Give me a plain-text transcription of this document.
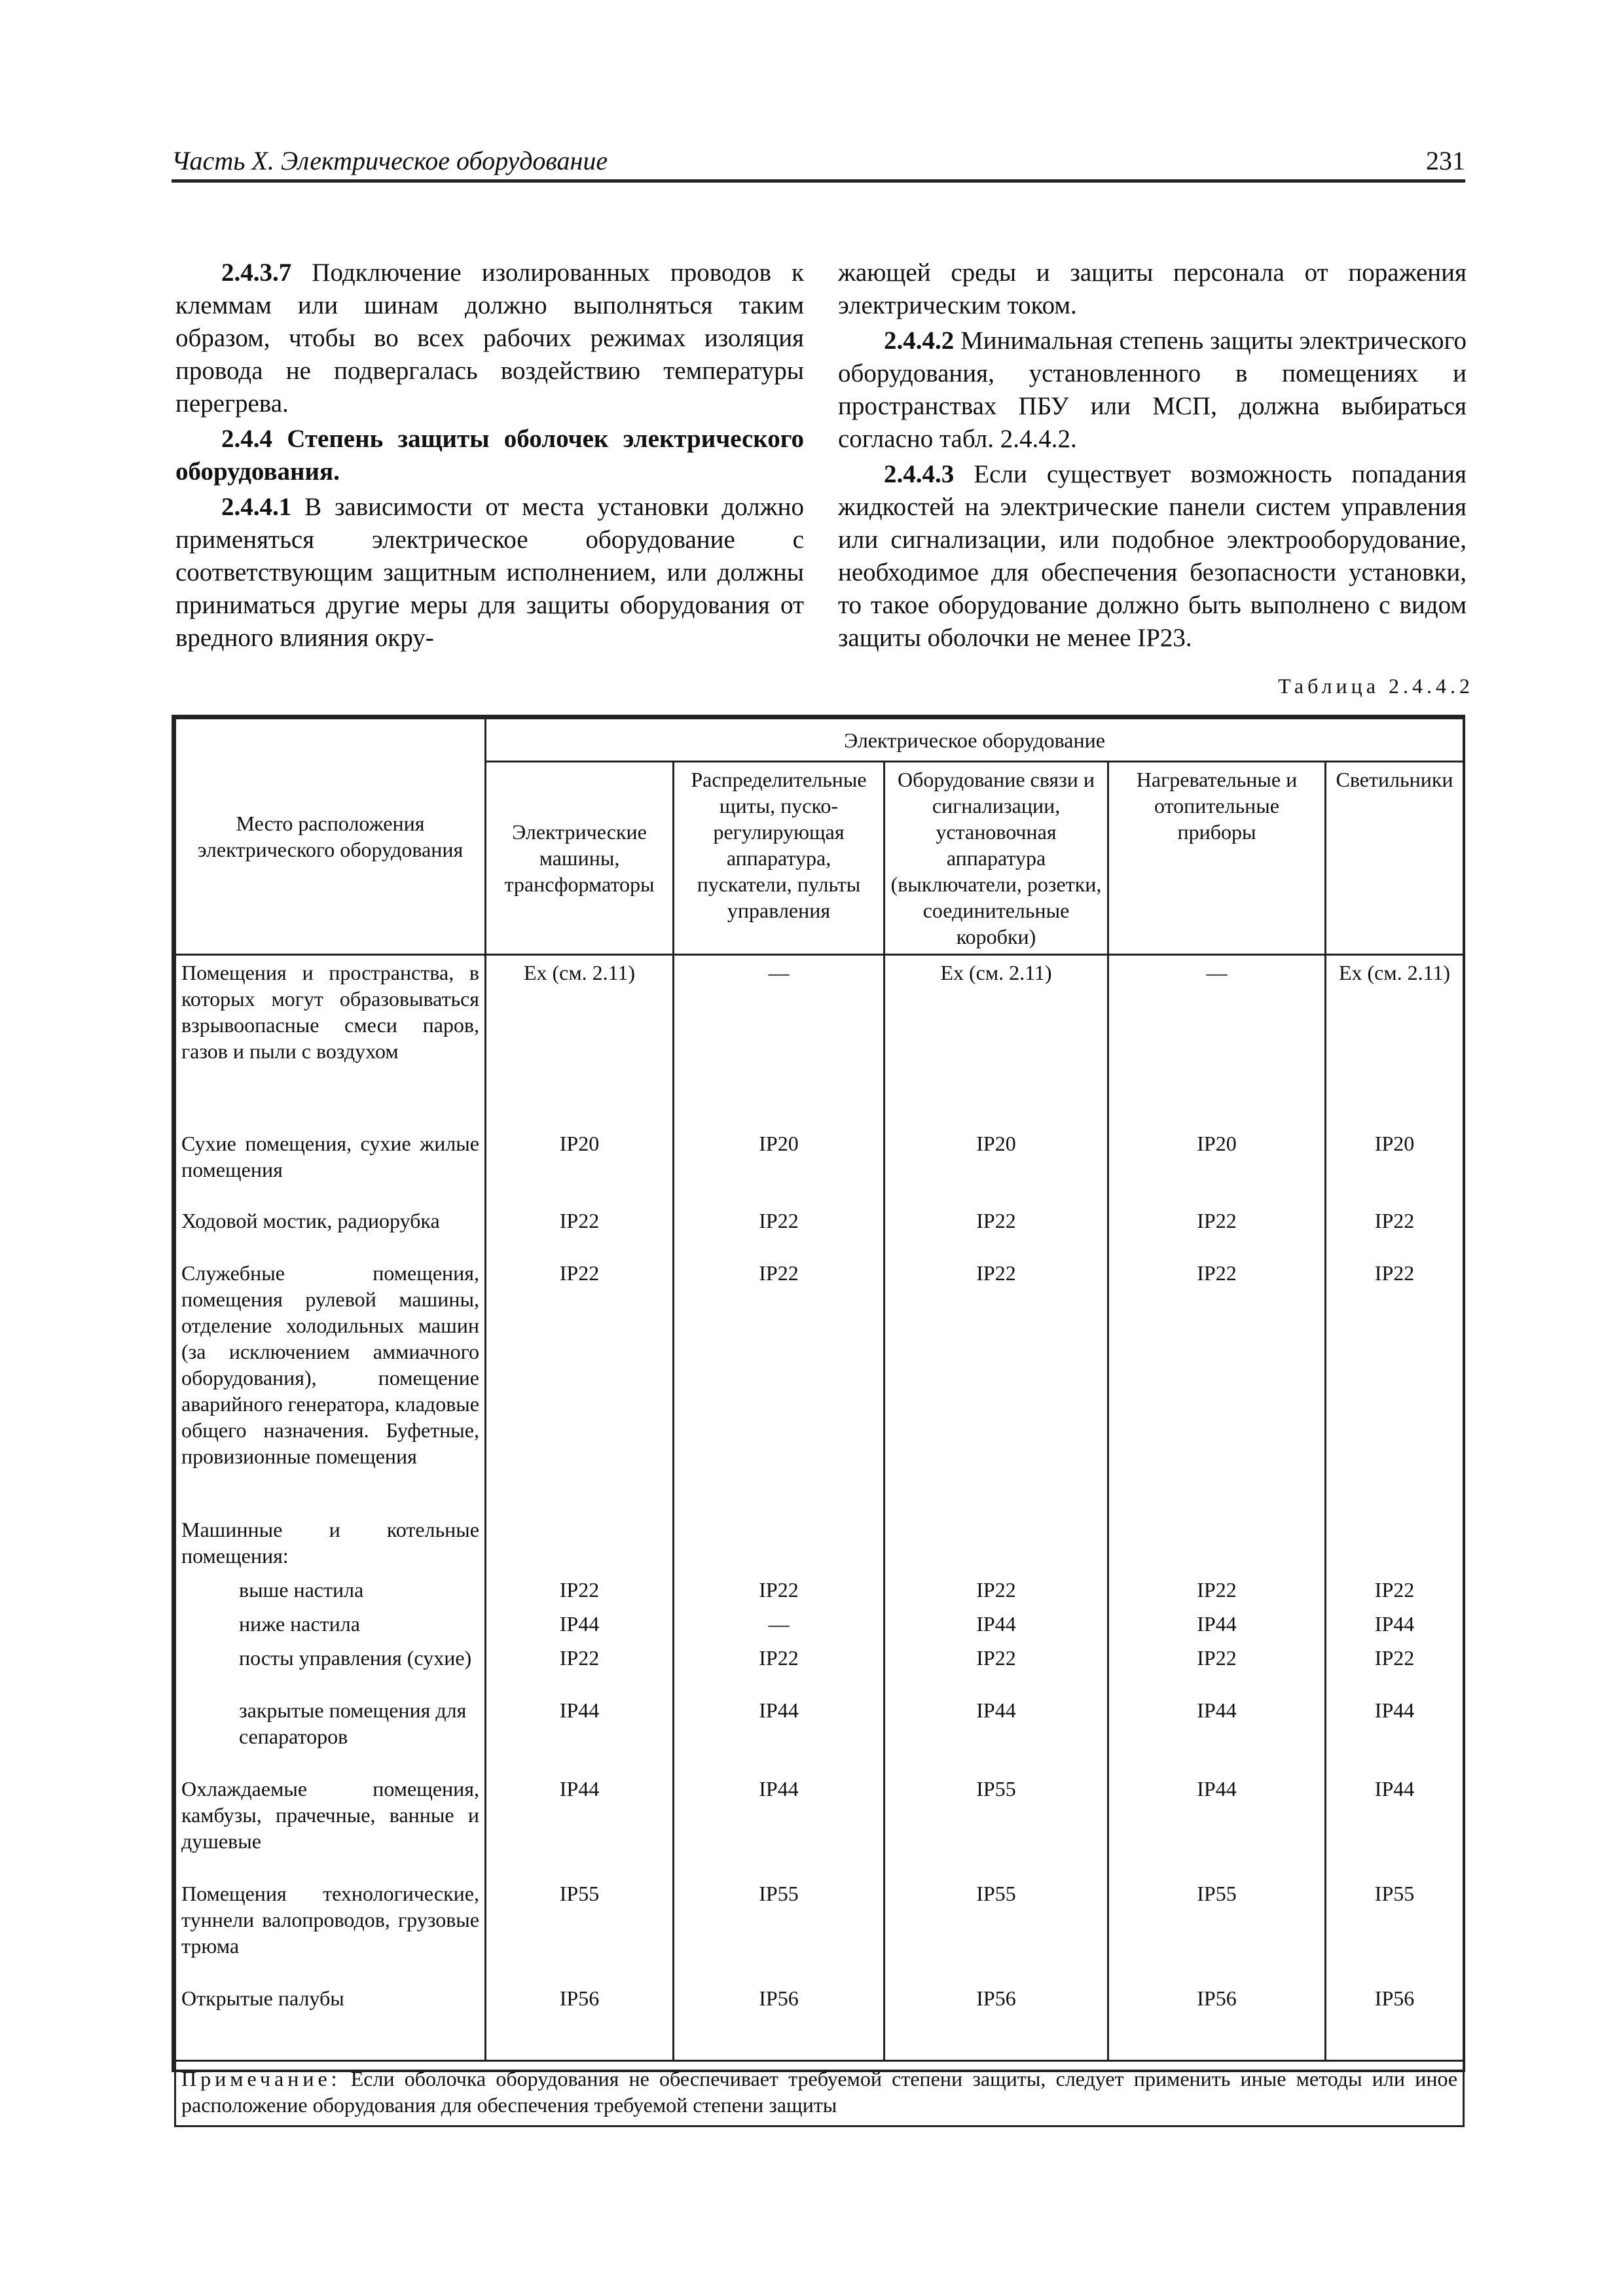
Часть X. Электрическое оборудование	231

2.4.3.7 Подключение изолированных проводов к клеммам или шинам должно выполняться таким образом, чтобы во всех рабочих режимах изоляция провода не подвергалась воздействию температуры перегрева.

2.4.4 Степень защиты оболочек электрического оборудования.

2.4.4.1 В зависимости от места установки должно применяться электрическое оборудование с соответствующим защитным исполнением, или должны приниматься другие меры для защиты оборудования от вредного влияния окру-

жающей среды и защиты персонала от поражения электрическим током.

2.4.4.2 Минимальная степень защиты электрического оборудования, установленного в помещениях и пространствах ПБУ или МСП, должна выбираться согласно табл. 2.4.4.2.

2.4.4.3 Если существует возможность попадания жидкостей на электрические панели систем управления или сигнализации, или подобное электрооборудование, необходимое для обеспечения безопасности установки, то такое оборудование должно быть выполнено с видом защиты оболочки не менее IP23.

Таблица 2.4.4.2
Место расположения электрического оборудования	Электрическое оборудование				
	Электрические машины, трансформаторы	Распределительные щиты, пуско-регулирующая аппаратура, пускатели, пульты управления	Оборудование связи и сигнализации, установочная аппаратура (выключатели, розетки, соединительные коробки)	Нагревательные и отопительные приборы	Светильники
Помещения и пространства, в которых могут образовываться взрывоопасные смеси паров, газов и пыли с воздухом	Ex (см. 2.11)	—	Ex (см. 2.11)	—	Ex (см. 2.11)
Сухие помещения, сухие жилые помещения	IP20	IP20	IP20	IP20	IP20
Ходовой мостик, радиорубка	IP22	IP22	IP22	IP22	IP22
Служебные помещения, помещения рулевой машины, отделение холодильных машин (за исключением аммиачного оборудования), помещение аварийного генератора, кладовые общего назначения. Буфетные, провизионные помещения	IP22	IP22	IP22	IP22	IP22
Машинные и котельные помещения:					
выше настила	IP22	IP22	IP22	IP22	IP22
ниже настила	IP44	—	IP44	IP44	IP44
посты управления (сухие)	IP22	IP22	IP22	IP22	IP22
закрытые помещения для сепараторов	IP44	IP44	IP44	IP44	IP44
Охлаждаемые помещения, камбузы, прачечные, ванные и душевые	IP44	IP44	IP55	IP44	IP44
Помещения технологические, туннели валопроводов, грузовые трюма	IP55	IP55	IP55	IP55	IP55
Открытые палубы	IP56	IP56	IP56	IP56	IP56
Примечание: Если оболочка оборудования не обеспечивает требуемой степени защиты, следует применить иные методы или иное расположение оборудования для обеспечения требуемой степени защиты					
